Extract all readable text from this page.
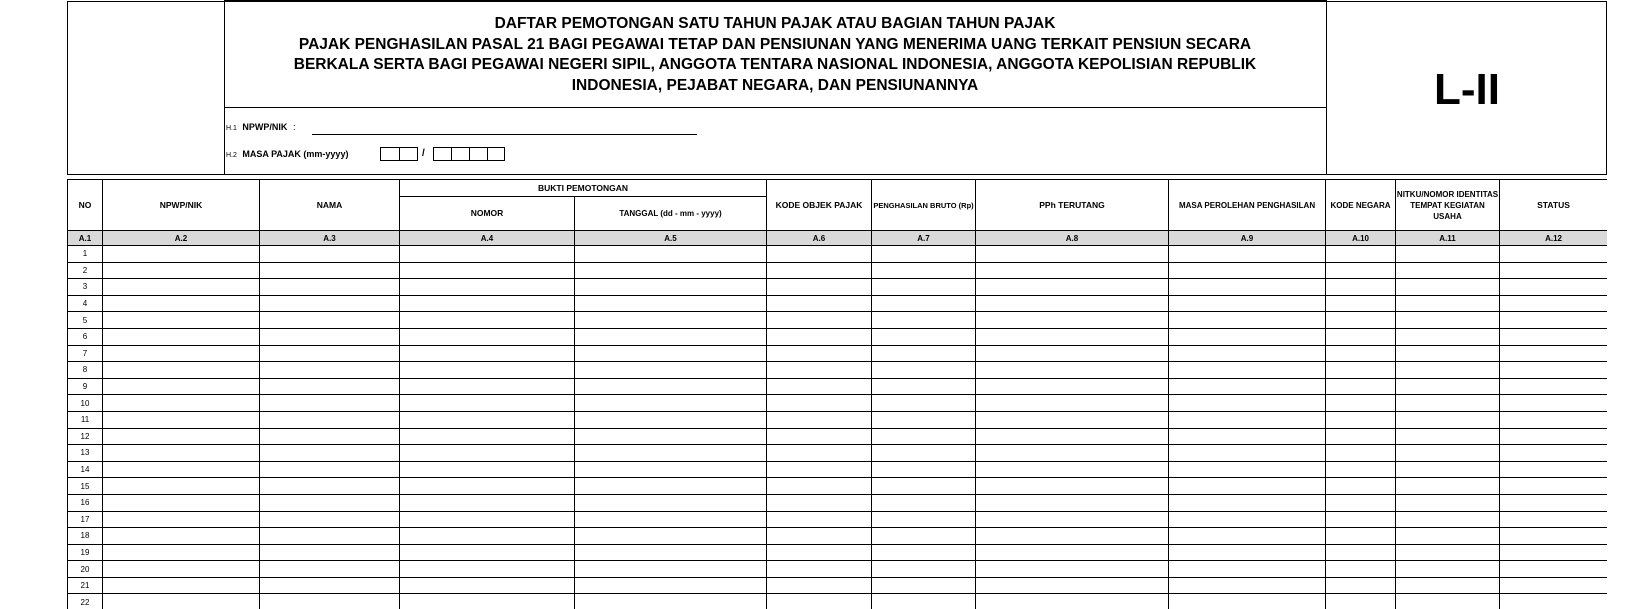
DAFTAR PEMOTONGAN SATU TAHUN PAJAK ATAU BAGIAN TAHUN PAJAK
PAJAK PENGHASILAN PASAL 21 BAGI PEGAWAI TETAP DAN PENSIUNAN YANG MENERIMA UANG TERKAIT PENSIUN SECARA
BERKALA SERTA BAGI PEGAWAI NEGERI SIPIL, ANGGOTA TENTARA NASIONAL INDONESIA, ANGGOTA KEPOLISIAN REPUBLIK
INDONESIA, PEJABAT NEGARA, DAN PENSIUNANNYA	L-II
H.1 NPWP/NIK :
H.2 MASA PAJAK (mm-yyyy)	/
NO	NPWP/NIK	NAMA	BUKTI PEMOTONGAN		KODE OBJEK PAJAK	PENGHASILAN BRUTO (Rp)	PPh TERUTANG	MASA PEROLEHAN PENGHASILAN	KODE NEGARA	NITKU/NOMOR IDENTITAS TEMPAT KEGIATAN USAHA	STATUS
			NOMOR	TANGGAL (dd - mm - yyyy)							
A.1	A.2	A.3	A.4	A.5	A.6	A.7	A.8	A.9	A.10	A.11	A.12
1											
2											
3											
4											
5											
6											
7											
8											
9											
10											
11											
12											
13											
14											
15											
16											
17											
18											
19											
20											
21											
22											
